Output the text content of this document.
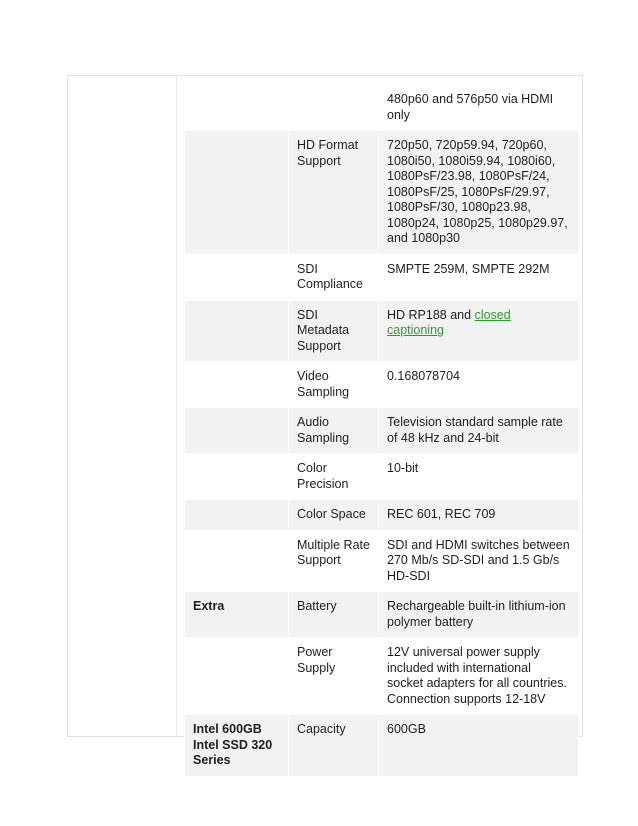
		480p60 and 576p50 via HDMI only
	HD Format Support	720p50, 720p59.94, 720p60, 1080i50, 1080i59.94, 1080i60, 1080PsF/23.98, 1080PsF/24, 1080PsF/25, 1080PsF/29.97, 1080PsF/30, 1080p23.98, 1080p24, 1080p25, 1080p29.97, and 1080p30
	SDI Compliance	SMPTE 259M, SMPTE 292M
	SDI Metadata Support	HD RP188 and closed captioning
	Video Sampling	0.168078704
	Audio Sampling	Television standard sample rate of 48 kHz and 24-bit
	Color Precision	10-bit
	Color Space	REC 601, REC 709
	Multiple Rate Support	SDI and HDMI switches between 270 Mb/s SD-SDI and 1.5 Gb/s HD-SDI
Extra	Battery	Rechargeable built-in lithium-ion polymer battery
	Power Supply	12V universal power supply included with international socket adapters for all countries. Connection supports 12-18V
Intel 600GB Intel SSD 320 Series	Capacity	600GB
